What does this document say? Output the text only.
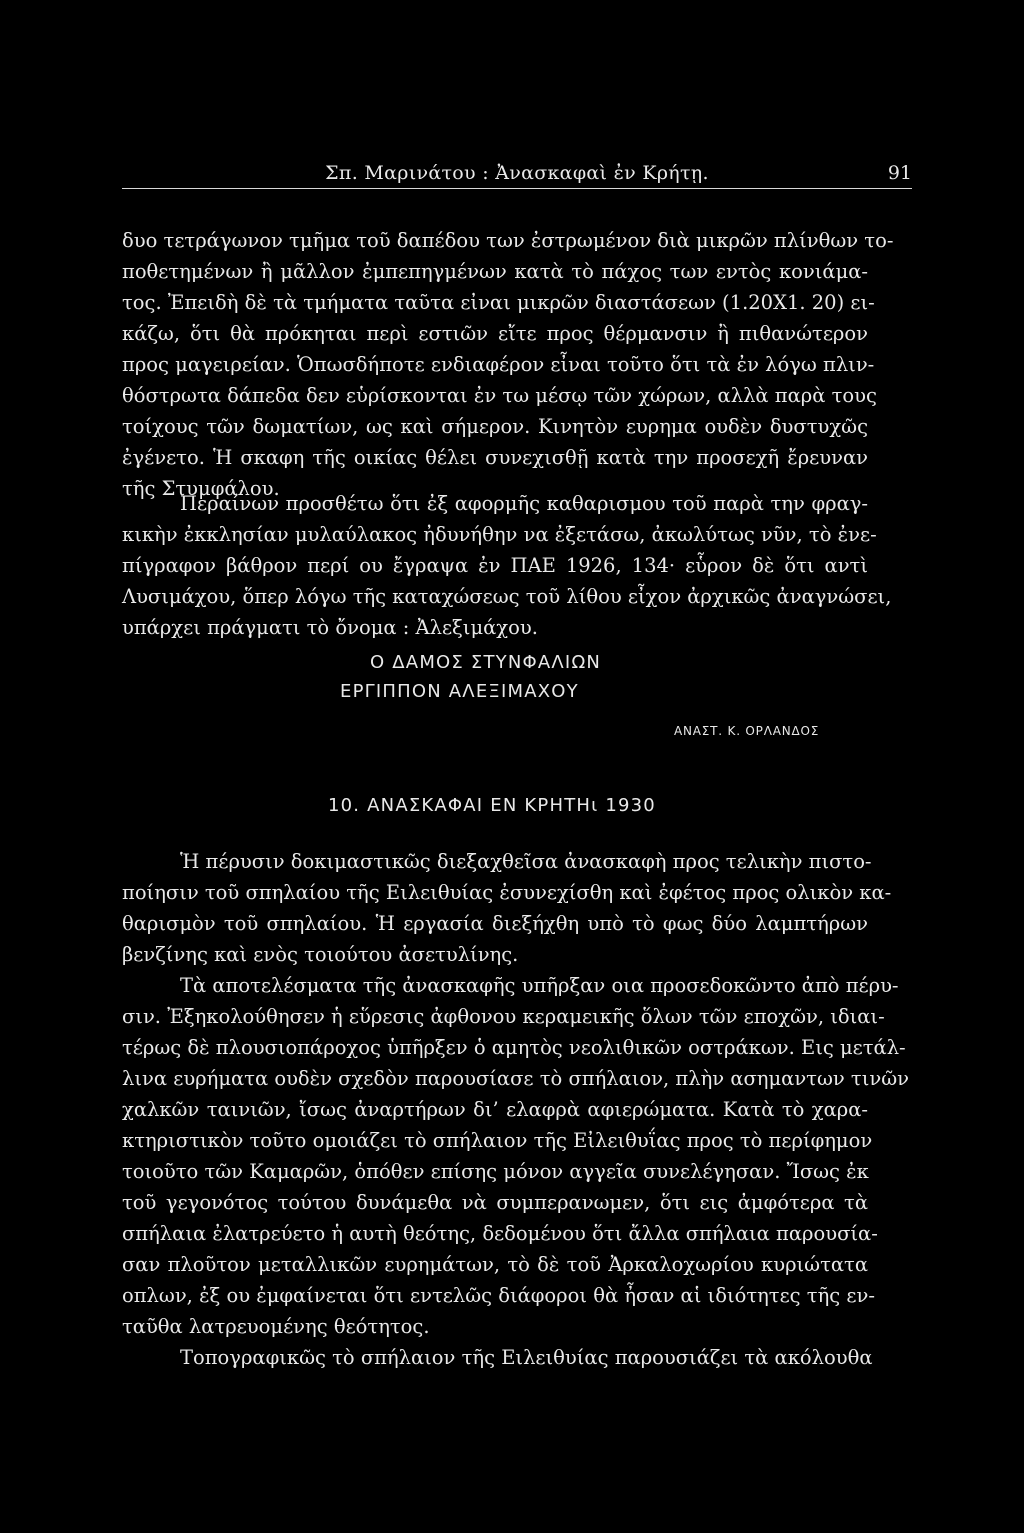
Σπ. Μαρινάτου : Ἀνασκαφαὶ ἐν Κρήτῃ.	91
δυο τετράγωνον τμῆμα τοῦ δαπέδου των ἐστρωμένον διὰ μικρῶν πλίνθων το-
ποθετημένων ἢ μᾶλλον ἐμπεπηγμένων κατὰ τὸ πάχος των εντὸς κονιάμα-
τος. Ἐπειδὴ δὲ τὰ τμήματα ταῦτα εἰναι μικρῶν διαστάσεων (1.20Χ1. 20) ει-
κάζω, ὅτι θὰ πρόκηται περὶ εστιῶν εἴτε προς θέρμανσιν ἢ πιθανώτερον
προς μαγειρείαν. Ὁπωσδήποτε ενδιαφέρον εἶναι τοῦτο ὅτι τὰ ἐν λόγω πλιν-
θόστρωτα δάπεδα δεν εὑρίσκονται ἐν τω μέσῳ τῶν χώρων, αλλὰ παρὰ τους
τοίχους τῶν δωματίων, ως καὶ σήμερον. Κινητὸν ευρημα ουδὲν δυστυχῶς
ἐγένετο. Ἡ σκαφη τῆς οικίας θέλει συνεχισθῇ κατὰ την προσεχῆ ἔρευναν
τῆς Στυμφάλου.
Περαίνων προσθέτω ὅτι ἐξ αφορμῆς καθαρισμου τοῦ παρὰ την φραγ-
κικὴν ἐκκλησίαν μυλαύλακος ἠδυνήθην να ἐξετάσω, ἀκωλύτως νῦν, τὸ ἐνε-
πίγραφον βάθρον περί ου ἔγραψα ἐν ΠΑΕ 1926, 134· εὗρον δὲ ὅτι αντὶ
Λυσιμάχου, ὅπερ λόγω τῆς καταχώσεως τοῦ λίθου εἶχον ἀρχικῶς ἀναγνώσει,
υπάρχει πράγματι τὸ ὄνομα : Ἀλεξιμάχου.
Ο ΔΑΜΟΣ ΣΤΥΝΦΑΛΙΩΝ
ΕΡΓΙΠΠΟΝ ΑΛΕΞΙΜΑΧΟΥ
ΑΝΑΣΤ. Κ. ΟΡΛΑΝΔΟΣ
10. ΑΝΑΣΚΑΦΑΙ ΕΝ ΚΡΗΤΗι 1930
Ἡ πέρυσιν δοκιμαστικῶς διεξαχθεῖσα ἀνασκαφὴ προς τελικὴν πιστο-
ποίησιν τοῦ σπηλαίου τῆς Ειλειθυίας ἐσυνεχίσθη καὶ ἐφέτος προς ολικὸν κα-
θαρισμὸν τοῦ σπηλαίου. Ἡ εργασία διεξήχθη υπὸ τὸ φως δύο λαμπτήρων
βενζίνης καὶ ενὸς τοιούτου ἀσετυλίνης.
Τὰ αποτελέσματα τῆς ἀνασκαφῆς υπῆρξαν οια προσεδοκῶντο ἀπὸ πέρυ-
σιν. Ἐξηκολούθησεν ἡ εὕρεσις ἀφθονου κεραμεικῆς ὅλων τῶν εποχῶν, ιδιαι-
τέρως δὲ πλουσιοπάροχος ὑπῆρξεν ὁ αμητὸς νεολιθικῶν οστράκων. Εις μετάλ-
λινα ευρήματα ουδὲν σχεδὸν παρουσίασε τὸ σπήλαιον, πλὴν ασημαντων τινῶν
χαλκῶν ταινιῶν, ἴσως ἀναρτήρων δι’ ελαφρὰ αφιερώματα. Κατὰ τὸ χαρα-
κτηριστικὸν τοῦτο ομοιάζει τὸ σπήλαιον τῆς Εἰλειθυΐας προς τὸ περίφημον
τοιοῦτο τῶν Καμαρῶν, ὁπόθεν επίσης μόνον αγγεῖα συνελέγησαν. Ἴσως ἐκ
τοῦ γεγονότος τούτου δυνάμεθα νὰ συμπερανωμεν, ὅτι εις ἀμφότερα τὰ
σπήλαια ἐλατρεύετο ἡ αυτὴ θεότης, δεδομένου ὅτι ἄλλα σπήλαια παρουσία-
σαν πλοῦτον μεταλλικῶν ευρημάτων, τὸ δὲ τοῦ Ἀρκαλοχωρίου κυριώτατα
οπλων, ἐξ ου ἐμφαίνεται ὅτι εντελῶς διάφοροι θὰ ἦσαν αἱ ιδιότητες τῆς εν-
ταῦθα λατρευομένης θεότητος.
Τοπογραφικῶς τὸ σπήλαιον τῆς Ειλειθυίας παρουσιάζει τὰ ακόλουθα
